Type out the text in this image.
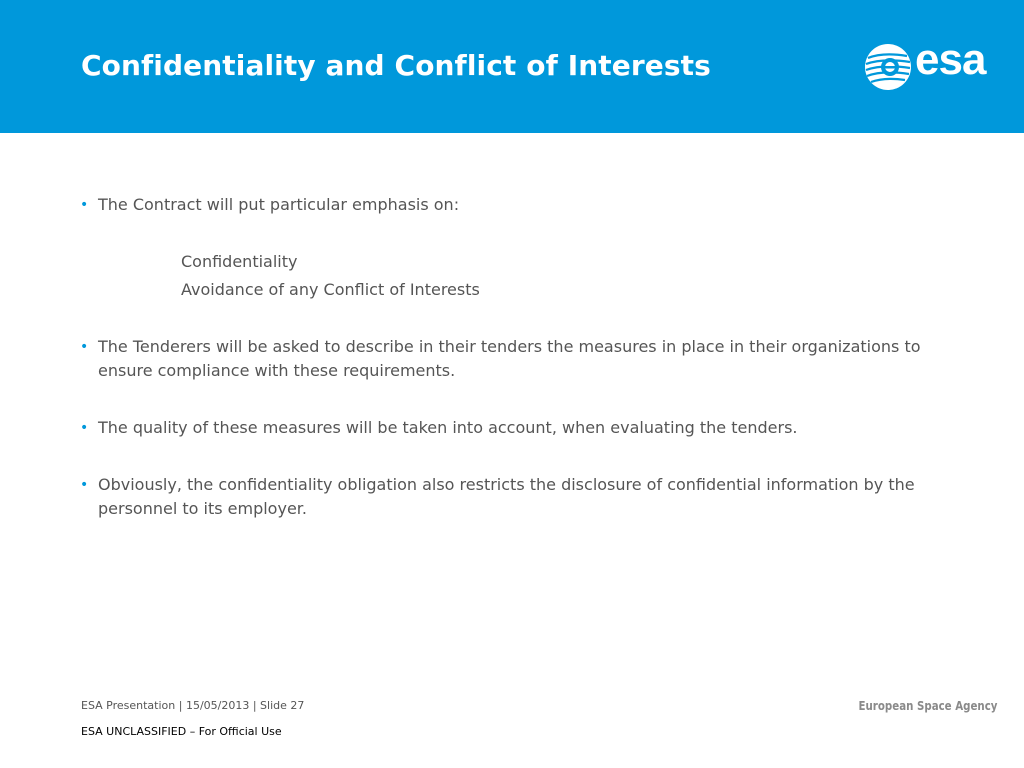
Confidentiality and Conflict of Interests	esa
• The Contract will put particular emphasis on:

Confidentiality

Avoidance of any Conflict of Interests

• The Tenderers will be asked to describe in their tenders the measures in place in their organizations to ensure compliance with these requirements.
• The quality of these measures will be taken into account, when evaluating the tenders.
• Obviously, the confidentiality obligation also restricts the disclosure of confidential information by the personnel to its employer.
ESA Presentation | 15/05/2013 | Slide 27
ESA UNCLASSIFIED – For Official Use
European Space Agency
